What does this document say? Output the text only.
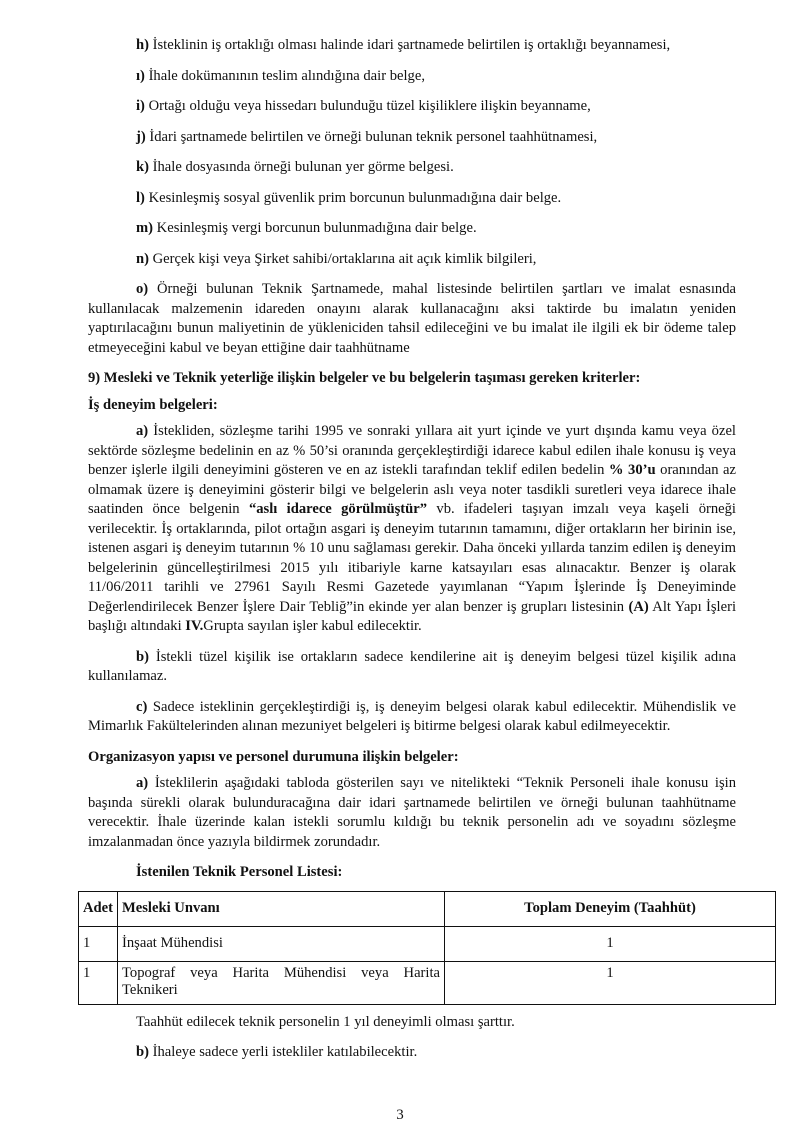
h) İsteklinin iş ortaklığı olması halinde idari şartnamede belirtilen iş ortaklığı beyannamesi,

ı) İhale dokümanının teslim alındığına dair belge,

i) Ortağı olduğu veya hissedarı bulunduğu tüzel kişiliklere ilişkin beyanname,

j) İdari şartnamede belirtilen ve örneği bulunan teknik personel taahhütnamesi,

k) İhale dosyasında örneği bulunan yer görme belgesi.

l) Kesinleşmiş sosyal güvenlik prim borcunun bulunmadığına dair belge.

m) Kesinleşmiş vergi borcunun bulunmadığına dair belge.

n) Gerçek kişi veya Şirket sahibi/ortaklarına ait açık kimlik bilgileri,

o) Örneği bulunan Teknik Şartnamede, mahal listesinde belirtilen şartları ve imalat esnasında kullanılacak malzemenin idareden onayını alarak kullanacağını aksi taktirde bu imalatın yeniden yaptırılacağını bunun maliyetinin de yükleniciden tahsil edileceğini ve bu imalat ile ilgili ek bir ödeme talep etmeyeceğini kabul ve beyan ettiğine dair taahhütname

9) Mesleki ve Teknik yeterliğe ilişkin belgeler ve bu belgelerin taşıması gereken kriterler:

İş deneyim belgeleri:

a) İstekliden, sözleşme tarihi 1995 ve sonraki yıllara ait yurt içinde ve yurt dışında kamu veya özel sektörde sözleşme bedelinin en az % 50’si oranında gerçekleştirdiği idarece kabul edilen ihale konusu iş veya benzer işlerle ilgili deneyimini gösteren ve en az istekli tarafından teklif edilen bedelin % 30’u oranından az olmamak üzere iş deneyimini gösterir bilgi ve belgelerin aslı veya noter tasdikli suretleri veya idarece ihale saatinden önce belgenin “aslı idarece görülmüştür” vb. ifadeleri taşıyan imzalı veya kaşeli örneği verilecektir. İş ortaklarında, pilot ortağın asgari iş deneyim tutarının tamamını, diğer ortakların her birinin ise, istenen asgari iş deneyim tutarının % 10 unu sağlaması gerekir. Daha önceki yıllarda tanzim edilen iş deneyim belgelerinin güncelleştirilmesi 2015 yılı itibariyle karne katsayıları esas alınacaktır. Benzer iş olarak 11/06/2011 tarihli ve 27961 Sayılı Resmi Gazetede yayımlanan “Yapım İşlerinde İş Deneyiminde Değerlendirilecek Benzer İşlere Dair Tebliğ”in ekinde yer alan benzer iş grupları listesinin (A) Alt Yapı İşleri başlığı altındaki IV.Grupta sayılan işler kabul edilecektir.

b) İstekli tüzel kişilik ise ortakların sadece kendilerine ait iş deneyim belgesi tüzel kişilik adına kullanılamaz.

c) Sadece isteklinin gerçekleştirdiği iş, iş deneyim belgesi olarak kabul edilecektir. Mühendislik ve Mimarlık Fakültelerinden alınan mezuniyet belgeleri iş bitirme belgesi olarak kabul edilmeyecektir.

Organizasyon yapısı ve personel durumuna ilişkin belgeler:

a) İsteklilerin aşağıdaki tabloda gösterilen sayı ve nitelikteki “Teknik Personeli ihale konusu işin başında sürekli olarak bulunduracağına dair idari şartnamede belirtilen ve örneği bulunan taahhütname verecektir. İhale üzerinde kalan istekli sorumlu kıldığı bu teknik personelin adı ve soyadını sözleşme imzalanmadan önce yazıyla bildirmek zorundadır.

İstenilen Teknik Personel Listesi:

Adet	Mesleki Unvanı	Toplam Deneyim (Taahhüt)
1	İnşaat Mühendisi	1
1	Topograf veya Harita Mühendisi veya Harita Teknikeri	1

Taahhüt edilecek teknik personelin 1 yıl deneyimli olması şarttır.

b) İhaleye sadece yerli istekliler katılabilecektir.

3
